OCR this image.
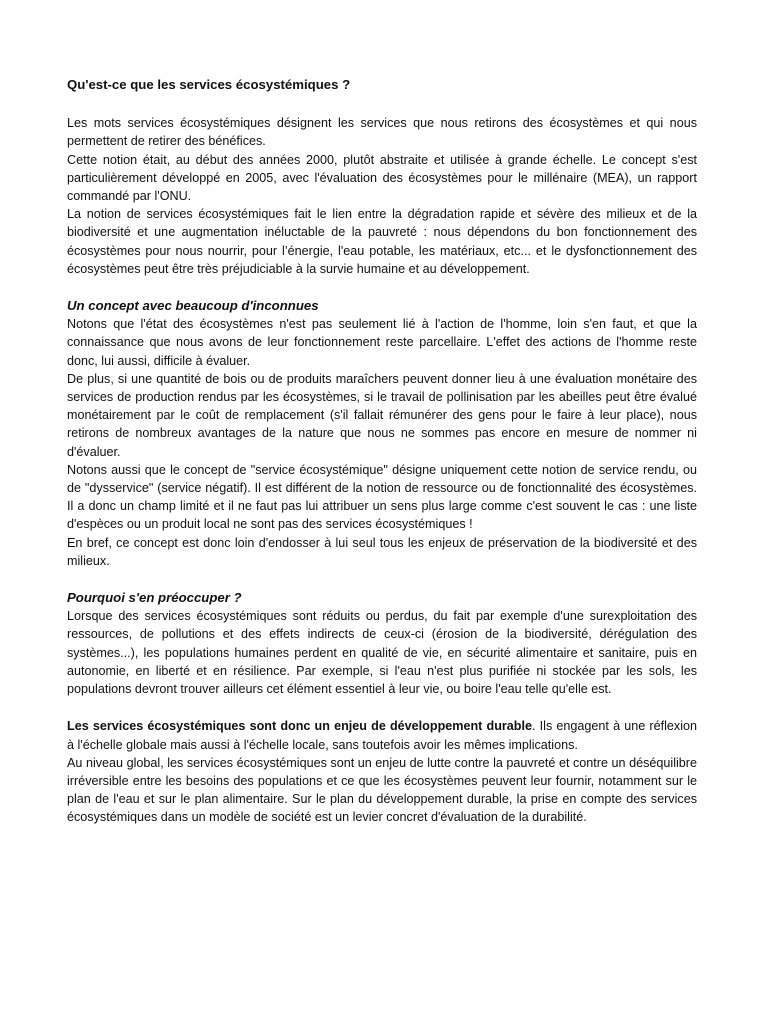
Qu'est-ce que les services écosystémiques ?

Les mots services écosystémiques désignent les services que nous retirons des écosystèmes et qui nous permettent de retirer des bénéfices.

Cette notion était, au début des années 2000, plutôt abstraite et utilisée à grande échelle. Le concept s'est particulièrement développé en 2005, avec l'évaluation des écosystèmes pour le millénaire (MEA), un rapport commandé par l'ONU.

La notion de services écosystémiques fait le lien entre la dégradation rapide et sévère des milieux et de la biodiversité et une augmentation inéluctable de la pauvreté : nous dépendons du bon fonctionnement des écosystèmes pour nous nourrir, pour l’énergie, l'eau potable, les matériaux, etc... et le dysfonctionnement des écosystèmes peut être très préjudiciable à la survie humaine et au développement.

Un concept avec beaucoup d'inconnues

Notons que l'état des écosystèmes n'est pas seulement lié à l'action de l'homme, loin s'en faut, et que la connaissance que nous avons de leur fonctionnement reste parcellaire. L'effet des actions de l'homme reste donc, lui aussi, difficile à évaluer.

De plus, si une quantité de bois ou de produits maraîchers peuvent donner lieu à une évaluation monétaire des services de production rendus par les écosystèmes, si le travail de pollinisation par les abeilles peut être évalué monétairement par le coût de remplacement (s'il fallait rémunérer des gens pour le faire à leur place), nous retirons de nombreux avantages de la nature que nous ne sommes pas encore en mesure de nommer ni d'évaluer.

Notons aussi que le concept de "service écosystémique" désigne uniquement cette notion de service rendu, ou de "dysservice" (service négatif). Il est différent de la notion de ressource ou de fonctionnalité des écosystèmes. Il a donc un champ limité et il ne faut pas lui attribuer un sens plus large comme c'est souvent le cas : une liste d'espèces ou un produit local ne sont pas des services écosystémiques !

En bref, ce concept est donc loin d'endosser à lui seul tous les enjeux de préservation de la biodiversité et des milieux.

Pourquoi s'en préoccuper ?

Lorsque des services écosystémiques sont réduits ou perdus, du fait par exemple d'une surexploitation des ressources, de pollutions et des effets indirects de ceux-ci (érosion de la biodiversité, dérégulation des systèmes...), les populations humaines perdent en qualité de vie, en sécurité alimentaire et sanitaire, puis en autonomie, en liberté et en résilience. Par exemple, si l'eau n'est plus purifiée ni stockée par les sols, les populations devront trouver ailleurs cet élément essentiel à leur vie, ou boire l'eau telle qu'elle est.

Les services écosystémiques sont donc un enjeu de développement durable. Ils engagent à une réflexion à l'échelle globale mais aussi à l'échelle locale, sans toutefois avoir les mêmes implications.

Au niveau global, les services écosystémiques sont un enjeu de lutte contre la pauvreté et contre un déséquilibre irréversible entre les besoins des populations et ce que les écosystèmes peuvent leur fournir, notamment sur le plan de l'eau et sur le plan alimentaire. Sur le plan du développement durable, la prise en compte des services écosystémiques dans un modèle de société est un levier concret d'évaluation de la durabilité.
